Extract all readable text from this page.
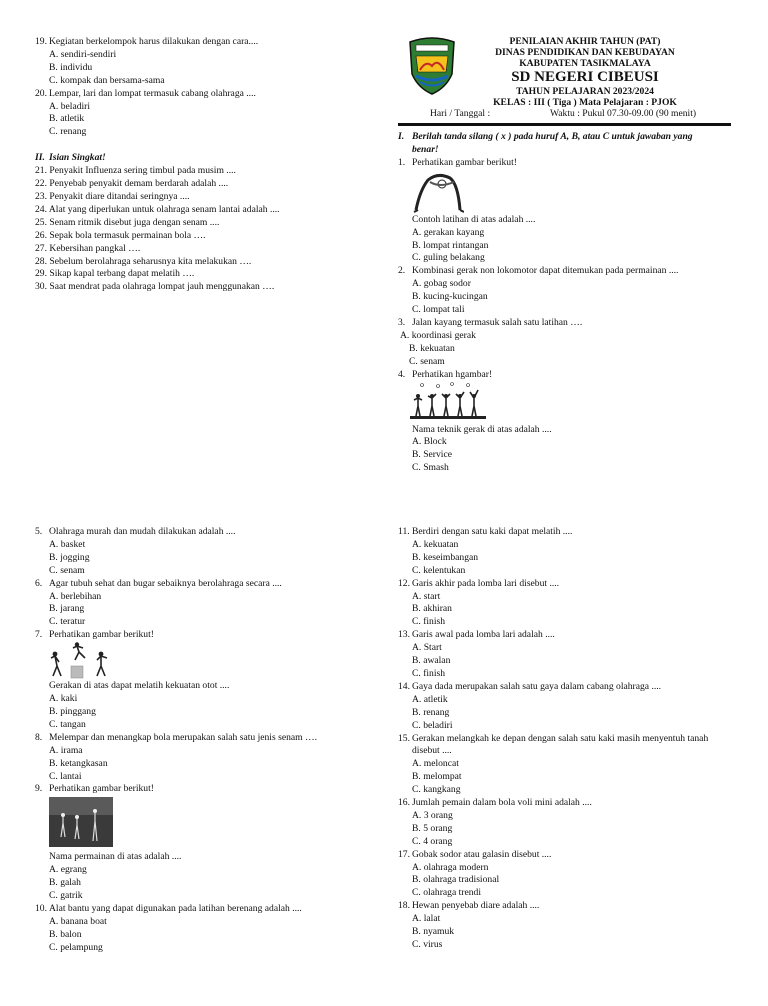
PENILAIAN AKHIR TAHUN (PAT)
DINAS PENDIDIKAN DAN KEBUDAYAN
KABUPATEN TASIKMALAYA
SD NEGERI CIBEUSI
TAHUN PELAJARAN 2023/2024
KELAS : III ( Tiga ) Mata Pelajaran : PJOK
Hari / Tanggal :	Waktu : Pukul 07.30-09.00 (90 menit)
19. Kegiatan berkelompok harus dilakukan dengan cara....
A. sendiri-sendiri
B. individu
C. kompak dan bersama-sama
20. Lempar, lari dan lompat termasuk cabang olahraga ....
A. beladiri
B. atletik
C. renang
II. Isian Singkat!
21. Penyakit Influenza sering timbul pada musim ....
22. Penyebab penyakit demam berdarah adalah ....
23. Penyakit diare ditandai seringnya ....
24. Alat yang diperlukan untuk olahraga senam lantai adalah ....
25. Senam ritmik disebut juga dengan senam ....
26. Sepak bola termasuk permainan bola ….
27. Kebersihan pangkal ….
28. Sebelum berolahraga seharusnya kita melakukan ….
29. Sikap kapal terbang dapat melatih ….
30. Saat mendrat pada olahraga lompat jauh menggunakan ….
I. Berilah tanda silang ( x ) pada huruf A, B, atau C untuk jawaban yang
benar!
1. Perhatikan gambar berikut!
Contoh latihan di atas adalah ....
A. gerakan kayang
B. lompat rintangan
C. guling belakang
2. Kombinasi gerak non lokomotor dapat ditemukan pada permainan ....
A. gobag sodor
B. kucing-kucingan
C. lompat tali
3. Jalan kayang termasuk salah satu latihan ….
A. koordinasi gerak
B. kekuatan
C. senam
4. Perhatikan hgambar!
Nama teknik gerak di atas adalah ....
A. Block
B. Service
C. Smash
5. Olahraga murah dan mudah dilakukan adalah ....
A. basket
B. jogging
C. senam
6. Agar tubuh sehat dan bugar sebaiknya berolahraga secara ....
A. berlebihan
B. jarang
C. teratur
7. Perhatikan gambar berikut!
Gerakan di atas dapat melatih kekuatan otot ....
A. kaki
B. pinggang
C. tangan
8. Melempar dan menangkap bola merupakan salah satu jenis senam ….
A. irama
B. ketangkasan
C. lantai
9. Perhatikan gambar berikut!
Nama permainan di atas adalah ....
A. egrang
B. galah
C. gatrik
10. Alat bantu yang dapat digunakan pada latihan berenang adalah ....
A. banana boat
B. balon
C. pelampung
11. Berdiri dengan satu kaki dapat melatih ....
A. kekuatan
B. keseimbangan
C. kelentukan
12. Garis akhir pada lomba lari disebut ....
A. start
B. akhiran
C. finish
13. Garis awal pada lomba lari adalah ....
A. Start
B. awalan
C. finish
14. Gaya dada merupakan salah satu gaya dalam cabang olahraga ....
A. atletik
B. renang
C. beladiri
15. Gerakan melangkah ke depan dengan salah satu kaki masih menyentuh tanah
disebut ....
A. meloncat
B. melompat
C. kangkang
16. Jumlah pemain dalam bola voli mini adalah ....
A. 3 orang
B. 5 orang
C. 4 orang
17. Gobak sodor atau galasin disebut ....
A. olahraga modern
B. olahraga tradisional
C. olahraga trendi
18. Hewan penyebab diare adalah ....
A. lalat
B. nyamuk
C. virus
